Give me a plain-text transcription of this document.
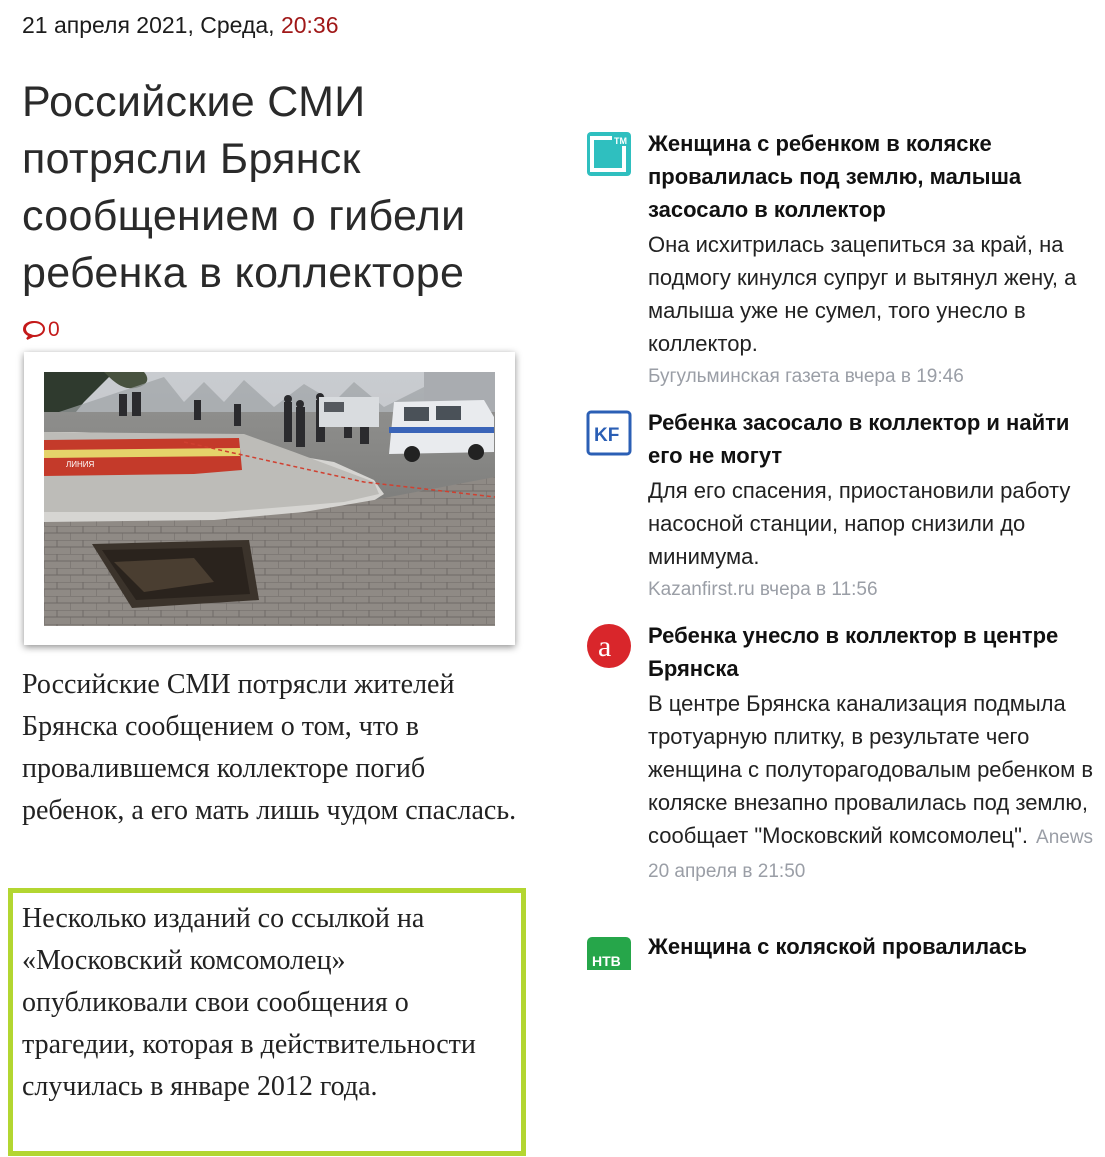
21 апреля 2021, Среда, 20:36
Российские СМИ потрясли Брянск сообщением о гибели ребенка в коллекторе
0
ЛИНИЯ

Российские СМИ потрясли жителей Брянска сообщением о том, что в провалившемся коллекторе погиб ребенок, а его мать лишь чудом спаслась.

Несколько изданий со ссылкой на «Московский комсомолец» опубликовали свои сообщения о трагедии, которая в действительности случилась в январе 2012 года.

TM Женщина с ребенком в коляске провалилась под землю, малыша засосало в коллектор

Она исхитрилась зацепиться за край, на подмогу кинулся супруг и вытянул жену, а малыша уже не сумел, того унесло в коллектор.

Бугульминская газета вчера в 19:46

KF

Ребенка засосало в коллектор и найти его не могут

Для его спасения, приостановили работу насосной станции, напор снизили до минимума.

Kazanfirst.ru вчера в 11:56

a Ребенка унесло в коллектор в центре Брянска

В центре Брянска канализация подмыла тротуарную плитку, в результате чего женщина с полуторагодовалым ребенком в коляске внезапно провалилась под землю, сообщает "Московский комсомолец". Anews 20 апреля в 21:50

НТВ

Женщина с коляской провалилась
